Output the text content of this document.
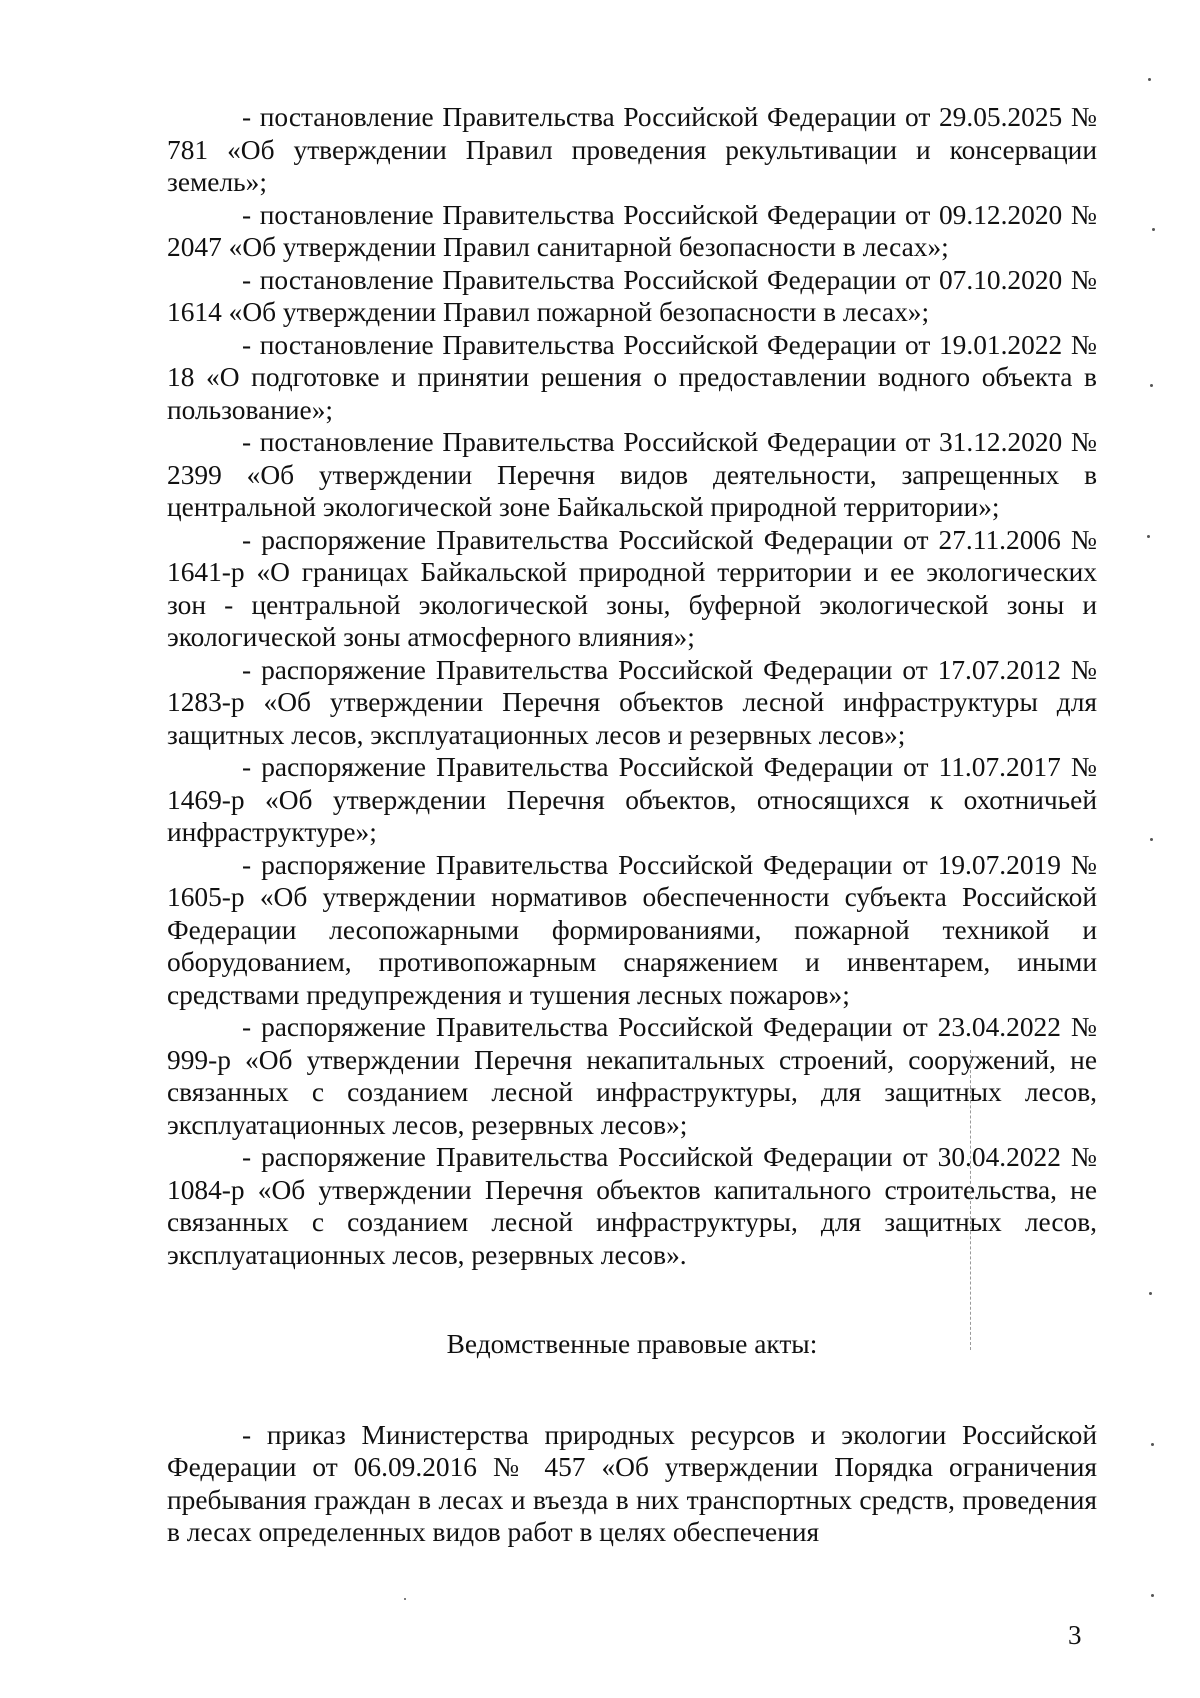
- постановление Правительства Российской Федерации от 29.05.2025 № 781 «Об утверждении Правил проведения рекультивации и консервации земель»;

- постановление Правительства Российской Федерации от 09.12.2020 № 2047 «Об утверждении Правил санитарной безопасности в лесах»;

- постановление Правительства Российской Федерации от 07.10.2020 № 1614 «Об утверждении Правил пожарной безопасности в лесах»;

- постановление Правительства Российской Федерации от 19.01.2022 № 18 «О подготовке и принятии решения о предоставлении водного объекта в пользование»;

- постановление Правительства Российской Федерации от 31.12.2020 № 2399 «Об утверждении Перечня видов деятельности, запрещенных в центральной экологической зоне Байкальской природной территории»;

- распоряжение Правительства Российской Федерации от 27.11.2006 № 1641-р «О границах Байкальской природной территории и ее экологических зон - центральной экологической зоны, буферной экологической зоны и экологической зоны атмосферного влияния»;

- распоряжение Правительства Российской Федерации от 17.07.2012 № 1283-р «Об утверждении Перечня объектов лесной инфраструктуры для защитных лесов, эксплуатационных лесов и резервных лесов»;

- распоряжение Правительства Российской Федерации от 11.07.2017 № 1469-р «Об утверждении Перечня объектов, относящихся к охотничьей инфраструктуре»;

- распоряжение Правительства Российской Федерации от 19.07.2019 № 1605-р «Об утверждении нормативов обеспеченности субъекта Российской Федерации лесопожарными формированиями, пожарной техникой и оборудованием, противопожарным снаряжением и инвентарем, иными средствами предупреждения и тушения лесных пожаров»;

- распоряжение Правительства Российской Федерации от 23.04.2022 № 999-р «Об утверждении Перечня некапитальных строений, сооружений, не связанных с созданием лесной инфраструктуры, для защитных лесов, эксплуатационных лесов, резервных лесов»;

- распоряжение Правительства Российской Федерации от 30.04.2022 № 1084-р «Об утверждении Перечня объектов капитального строительства, не связанных с созданием лесной инфраструктуры, для защитных лесов, эксплуатационных лесов, резервных лесов».

Ведомственные правовые акты:

- приказ Министерства природных ресурсов и экологии Российской Федерации от 06.09.2016 № 457 «Об утверждении Порядка ограничения пребывания граждан в лесах и въезда в них транспортных средств, проведения в лесах определенных видов работ в целях обеспечения

3
